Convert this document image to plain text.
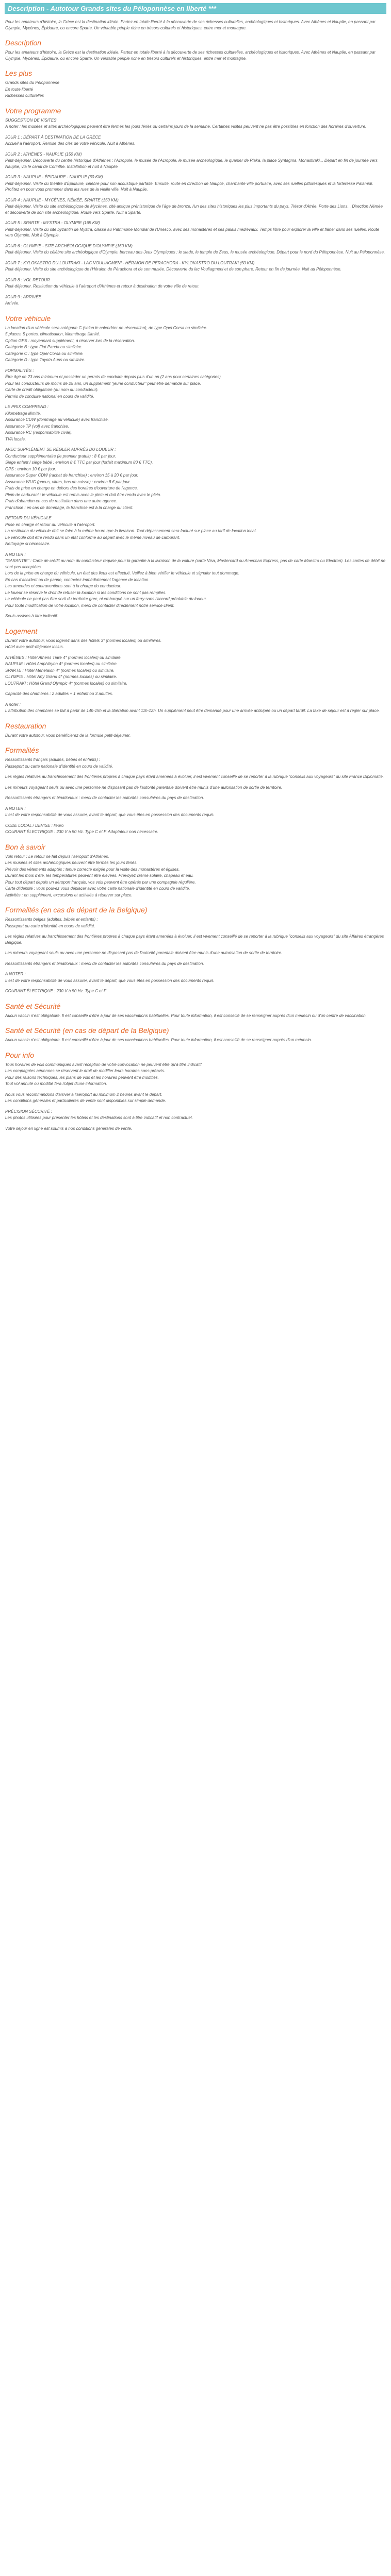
Description - Autotour Grands sites du Péloponnèse en liberté ***

Pour les amateurs d'histoire, la Grèce est la destination idéale. Partez en totale liberté à la découverte de ses richesses culturelles, archéologiques et historiques. Avec Athènes et Nauplie, en passant par Olympie, Mycènes, Épidaure, ou encore Sparte. Un véritable périple riche en trésors culturels et historiques, entre mer et montagne.

Description

Pour les amateurs d'histoire, la Grèce est la destination idéale. Partez en totale liberté à la découverte de ses richesses culturelles, archéologiques et historiques. Avec Athènes et Nauplie, en passant par Olympie, Mycènes, Épidaure, ou encore Sparte. Un véritable périple riche en trésors culturels et historiques, entre mer et montagne.

Les plus

Grands sites du Péloponnèse

En toute liberté

Richesses culturelles

Votre programme

SUGGESTION DE VISITES

A noter : les musées et sites archéologiques peuvent être fermés les jours fériés ou certains jours de la semaine. Certaines visites peuvent ne pas être possibles en fonction des horaires d'ouverture.

JOUR 1 : DÉPART À DESTINATION DE LA GRÈCE

Accueil à l'aéroport. Remise des clés de votre véhicule. Nuit à Athènes.

JOUR 2 : ATHÈNES - NAUPLIE (150 KM)

Petit-déjeuner. Découverte du centre historique d'Athènes : l'Acropole, le musée de l'Acropole, le musée archéologique, le quartier de Plaka, la place Syntagma, Monastiraki... Départ en fin de journée vers Nauplie, via le canal de Corinthe. Installation et nuit à Nauplie.

JOUR 3 : NAUPLIE - ÉPIDAURE - NAUPLIE (60 KM)

Petit-déjeuner. Visite du théâtre d'Épidaure, célèbre pour son acoustique parfaite. Ensuite, route en direction de Nauplie, charmante ville portuaire, avec ses ruelles pittoresques et la forteresse Palamidi. Profitez en pour vous promener dans les rues de la vieille ville. Nuit à Nauplie.

JOUR 4 : NAUPLIE - MYCÈNES, NÉMÉE, SPARTE (150 KM)

Petit-déjeuner. Visite du site archéologique de Mycènes, cité antique préhistorique de l'âge de bronze, l'un des sites historiques les plus importants du pays. Trésor d'Atrée, Porte des Lions... Direction Némée et découverte de son site archéologique. Route vers Sparte. Nuit à Sparte.

JOUR 5 : SPARTE - MYSTRA - OLYMPIE (165 KM)

Petit-déjeuner. Visite du site byzantin de Mystra, classé au Patrimoine Mondial de l'Unesco, avec ses monastères et ses palais médiévaux. Temps libre pour explorer la ville et flâner dans ses ruelles. Route vers Olympie. Nuit à Olympie.

JOUR 6 : OLYMPIE - SITE ARCHÉOLOGIQUE D'OLYMPIE (160 KM)

Petit-déjeuner. Visite du célèbre site archéologique d'Olympie, berceau des Jeux Olympiques : le stade, le temple de Zeus, le musée archéologique. Départ pour le nord du Péloponnèse. Nuit au Péloponnèse.

JOUR 7 : KYLOKASTRO DU LOUTRAKI - LAC VOULIAGMENI - HÉRAION DE PÉRACHORA - KYLOKASTRO DU LOUTRAKI (50 KM)

Petit-déjeuner. Visite du site archéologique de l'Héraion de Pérachora et de son musée. Découverte du lac Vouliagmeni et de son phare. Retour en fin de journée. Nuit au Péloponnèse.

JOUR 8 : VOL RETOUR

Petit-déjeuner. Restitution du véhicule à l'aéroport d'Athènes et retour à destination de votre ville de retour.

JOUR 9 : ARRIVÉE

Arrivée.

Votre véhicule

La location d'un véhicule sera catégorie C (selon le calendrier de réservation), de type Opel Corsa ou similaire.

5 places, 5 portes, climatisation, kilométrage illimité.

Option GPS : moyennant supplément, à réserver lors de la réservation.

Catégorie B : type Fiat Panda ou similaire.

Catégorie C : type Opel Corsa ou similaire.

Catégorie D : type Toyota Auris ou similaire.

FORMALITÉS :

Être âgé de 23 ans minimum et posséder un permis de conduire depuis plus d'un an (2 ans pour certaines catégories).

Pour les conducteurs de moins de 25 ans, un supplément "jeune conducteur" peut être demandé sur place.

Carte de crédit obligatoire (au nom du conducteur).

Permis de conduire national en cours de validité.

LE PRIX COMPREND :

Kilométrage illimité.

Assurance CDW (dommage au véhicule) avec franchise.

Assurance TP (vol) avec franchise.

Assurance RC (responsabilité civile).

TVA locale.

AVEC SUPPLÉMENT SE RÉGLER AUPRÈS DU LOUEUR :

Conducteur supplémentaire (le premier gratuit) : 8 € par jour.

Siège enfant / siège bébé : environ 8 € TTC par jour (forfait maximum 80 € TTC).

GPS : environ 10 € par jour.

Assurance Super CDW (rachat de franchise) : environ 15 à 20 € par jour.

Assurance WUG (pneus, vitres, bas de caisse) : environ 8 € par jour.

Frais de prise en charge en dehors des horaires d'ouverture de l'agence.

Plein de carburant : le véhicule est remis avec le plein et doit être rendu avec le plein.

Frais d'abandon en cas de restitution dans une autre agence.

Franchise : en cas de dommage, la franchise est à la charge du client.

RETOUR DU VÉHICULE

Prise en charge et retour du véhicule à l'aéroport.

La restitution du véhicule doit se faire à la même heure que la livraison. Tout dépassement sera facturé sur place au tarif de location local.

Le véhicule doit être rendu dans un état conforme au départ avec le même niveau de carburant.

Nettoyage si nécessaire.

A NOTER :

"GARANTIE" : Carte de crédit au nom du conducteur requise pour la garantie à la livraison de la voiture (carte Visa, Mastercard ou American Express, pas de carte Maestro ou Electron). Les cartes de débit ne sont pas acceptées.

Lors de la prise en charge du véhicule, un état des lieux est effectué. Veillez à bien vérifier le véhicule et signaler tout dommage.

En cas d'accident ou de panne, contactez immédiatement l'agence de location.

Les amendes et contraventions sont à la charge du conducteur.

Le loueur se réserve le droit de refuser la location si les conditions ne sont pas remplies.

Le véhicule ne peut pas être sorti du territoire grec, ni embarqué sur un ferry sans l'accord préalable du loueur.

Pour toute modification de votre location, merci de contacter directement notre service client.

Seuls assises à titre indicatif.

Logement

Durant votre autotour, vous logerez dans des hôtels 3* (normes locales) ou similaires.

Hôtel avec petit-déjeuner inclus.

ATHÈNES : Hôtel Athens Tiare 4* (normes locales) ou similaire.

NAUPLIE : Hôtel Amphitryon 4* (normes locales) ou similaire.

SPARTE : Hôtel Menelaion 4* (normes locales) ou similaire.

OLYMPIE : Hôtel Arty Grand 4* (normes locales) ou similaire.

LOUTRAKI : Hôtel Grand Olympic 4* (normes locales) ou similaire.

Capacité des chambres : 2 adultes + 1 enfant ou 3 adultes.

A noter :

L'attribution des chambres se fait à partir de 14h-15h et la libération avant 11h-12h. Un supplément peut être demandé pour une arrivée anticipée ou un départ tardif. La taxe de séjour est à régler sur place.

Restauration

Durant votre autotour, vous bénéficierez de la formule petit-déjeuner.

Formalités

Ressortissants français (adultes, bébés et enfants) :

Passeport ou carte nationale d'identité en cours de validité.

Les règles relatives au franchissement des frontières propres à chaque pays étant amenées à évoluer, il est vivement conseillé de se reporter à la rubrique "conseils aux voyageurs" du site France Diplomatie.

Les mineurs voyageant seuls ou avec une personne ne disposant pas de l'autorité parentale doivent être munis d'une autorisation de sortie de territoire.

Ressortissants étrangers et binationaux : merci de contacter les autorités consulaires du pays de destination.

A NOTER :

Il est de votre responsabilité de vous assurer, avant le départ, que vous êtes en possession des documents requis.

CODE LOCAL / DEVISE : l'euro

COURANT ÉLECTRIQUE : 230 V à 50 Hz. Type C et F. Adaptateur non nécessaire.

Bon à savoir

Vols retour : Le retour se fait depuis l'aéroport d'Athènes.

Les musées et sites archéologiques peuvent être fermés les jours fériés.

Prévoir des vêtements adaptés : tenue correcte exigée pour la visite des monastères et églises.

Durant les mois d'été, les températures peuvent être élevées. Prévoyez crème solaire, chapeau et eau.

Pour tout départ depuis un aéroport français, vos vols peuvent être opérés par une compagnie régulière.

Carte d'identité : vous pouvez vous déplacer avec votre carte nationale d'identité en cours de validité.

Activités : en supplément, excursions et activités à réserver sur place.

Formalités (en cas de départ de la Belgique)

Ressortissants belges (adultes, bébés et enfants) :

Passeport ou carte d'identité en cours de validité.

Les règles relatives au franchissement des frontières propres à chaque pays étant amenées à évoluer, il est vivement conseillé de se reporter à la rubrique "conseils aux voyageurs" du site Affaires étrangères Belgique.

Les mineurs voyageant seuls ou avec une personne ne disposant pas de l'autorité parentale doivent être munis d'une autorisation de sortie de territoire.

Ressortissants étrangers et binationaux : merci de contacter les autorités consulaires du pays de destination.

A NOTER :

Il est de votre responsabilité de vous assurer, avant le départ, que vous êtes en possession des documents requis.

COURANT ÉLECTRIQUE : 230 V à 50 Hz. Type C et F.

Santé et Sécurité

Aucun vaccin n'est obligatoire. Il est conseillé d'être à jour de ses vaccinations habituelles. Pour toute information, il est conseillé de se renseigner auprès d'un médecin ou d'un centre de vaccination.

Santé et Sécurité (en cas de départ de la Belgique)

Aucun vaccin n'est obligatoire. Il est conseillé d'être à jour de ses vaccinations habituelles. Pour toute information, il est conseillé de se renseigner auprès d'un médecin.

Pour info

Tous horaires de vols communiqués avant réception de votre convocation ne peuvent être qu'à titre indicatif.

Les compagnies aériennes se réservent le droit de modifier leurs horaires sans préavis.

Pour des raisons techniques, les plans de vols et les horaires peuvent être modifiés.

Tout vol annulé ou modifié fera l'objet d'une information.

Nous vous recommandons d'arriver à l'aéroport au minimum 2 heures avant le départ.

Les conditions générales et particulières de vente sont disponibles sur simple demande.

PRÉCISION SÉCURITÉ :

Les photos utilisées pour présenter les hôtels et les destinations sont à titre indicatif et non contractuel.

Votre séjour en ligne est soumis à nos conditions générales de vente.
